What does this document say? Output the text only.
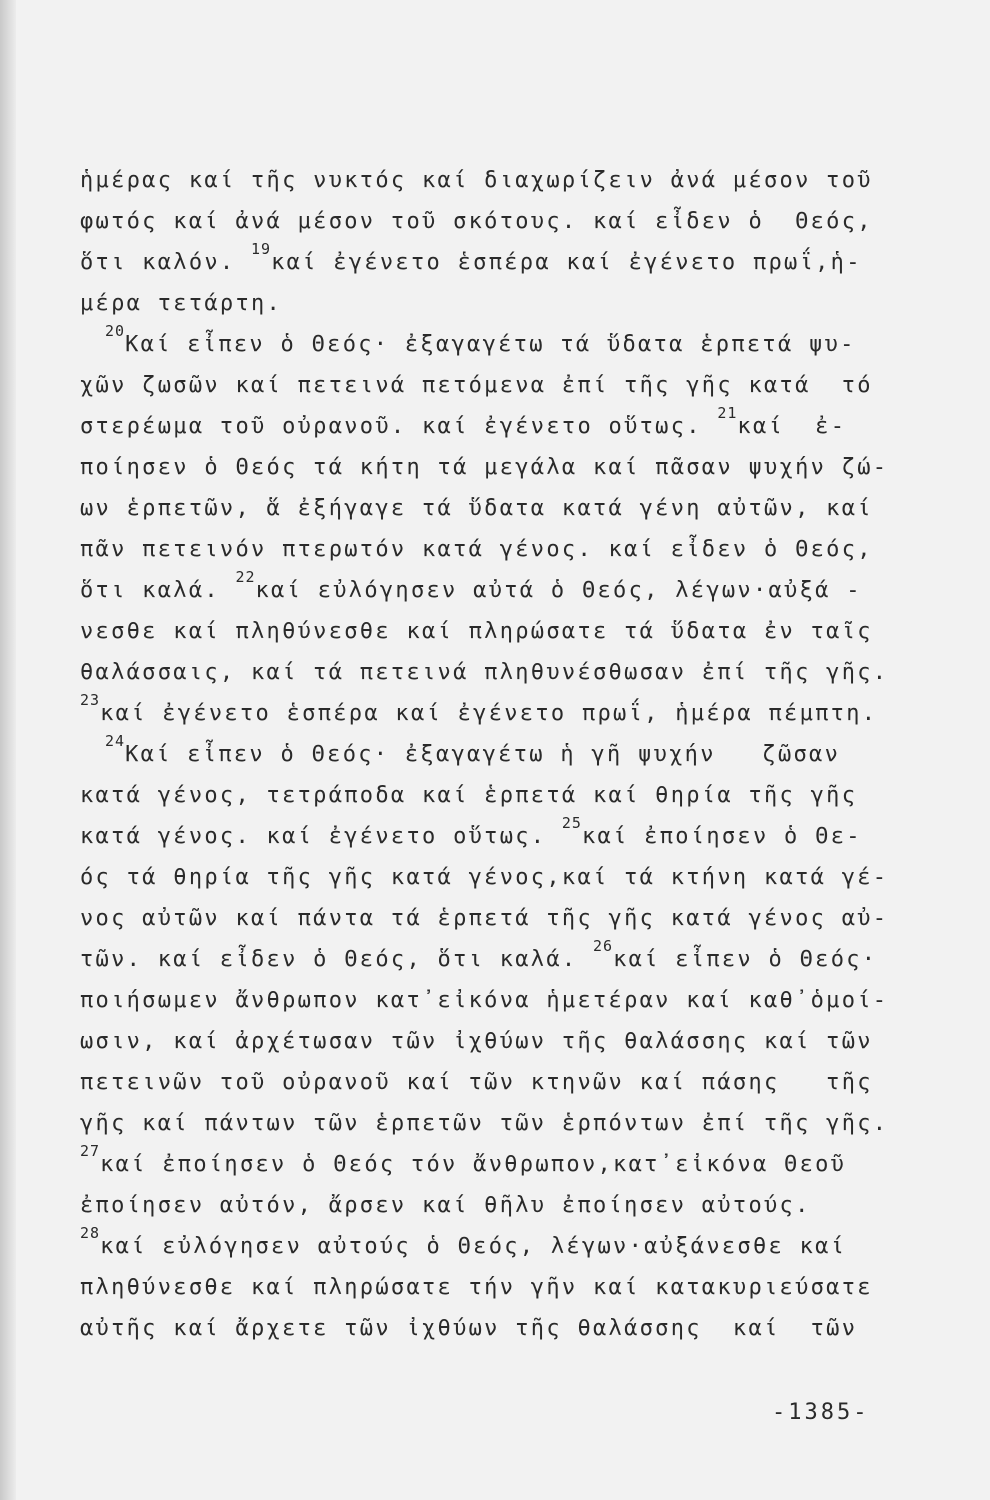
ἡμέρας καί τῆς νυκτός καί διαχωρίζειν ἀνά μέσον τοῦ
φωτός καί ἀνά μέσον τοῦ σκότους. καί εἶδεν ὁ  Θεός,
ὅτι καλόν.

19
καί ἐγένετο ἑσπέρα καί ἐγένετο πρωΐ,ἡ-
μέρα τετάρτη.
20
Καί εἶπεν ὁ Θεός· ἐξαγαγέτω τά ὕδατα ἑρπετά ψυ-
χῶν ζωσῶν καί πετεινά πετόμενα ἐπί τῆς γῆς κατά  τό
στερέωμα τοῦ οὐρανοῦ. καί ἐγένετο οὕτως.

21
καί  ἐ-
ποίησεν ὁ Θεός τά κήτη τά μεγάλα καί πᾶσαν ψυχήν ζώ-
ων ἑρπετῶν, ἅ ἐξήγαγε τά ὕδατα κατά γένη αὐτῶν, καί
πᾶν πετεινόν πτερωτόν κατά γένος. καί εἶδεν ὁ Θεός,
ὅτι καλά.

22
καί εὐλόγησεν αὐτά ὁ Θεός, λέγων·αὐξά -
νεσθε καί πληθύνεσθε καί πληρώσατε τά ὕδατα ἐν ταῖς
θαλάσσαις, καί τά πετεινά πληθυνέσθωσαν ἐπί τῆς γῆς.
23
καί ἐγένετο ἑσπέρα καί ἐγένετο πρωΐ, ἡμέρα πέμπτη.
24
Καί εἶπεν ὁ Θεός· ἐξαγαγέτω ἡ γῆ ψυχήν   ζῶσαν
κατά γένος, τετράποδα καί ἑρπετά καί θηρία τῆς γῆς
κατά γένος. καί ἐγένετο οὕτως.

25
καί ἐποίησεν ὁ Θε-
ός τά θηρία τῆς γῆς κατά γένος,καί τά κτήνη κατά γέ-
νος αὐτῶν καί πάντα τά ἑρπετά τῆς γῆς κατά γένος αὐ-
τῶν. καί εἶδεν ὁ Θεός, ὅτι καλά.

26
καί εἶπεν ὁ Θεός·
ποιήσωμεν ἄνθρωπον κατ᾽εἰκόνα ἡμετέραν καί καθ᾽ὁμοί-
ωσιν, καί ἀρχέτωσαν τῶν ἰχθύων τῆς θαλάσσης καί τῶν
πετεινῶν τοῦ οὐρανοῦ καί τῶν κτηνῶν καί πάσης   τῆς
γῆς καί πάντων τῶν ἑρπετῶν τῶν ἑρπόντων ἐπί τῆς γῆς.
27
καί ἐποίησεν ὁ Θεός τόν ἄνθρωπον,κατ᾽εἰκόνα Θεοῦ
ἐποίησεν αὐτόν, ἄρσεν καί θῆλυ ἐποίησεν αὐτούς.
28
καί εὐλόγησεν αὐτούς ὁ Θεός, λέγων·αὐξάνεσθε καί
πληθύνεσθε καί πληρώσατε τήν γῆν καί κατακυριεύσατε
αὐτῆς καί ἄρχετε τῶν ἰχθύων τῆς θαλάσσης  καί  τῶν
-1385-
